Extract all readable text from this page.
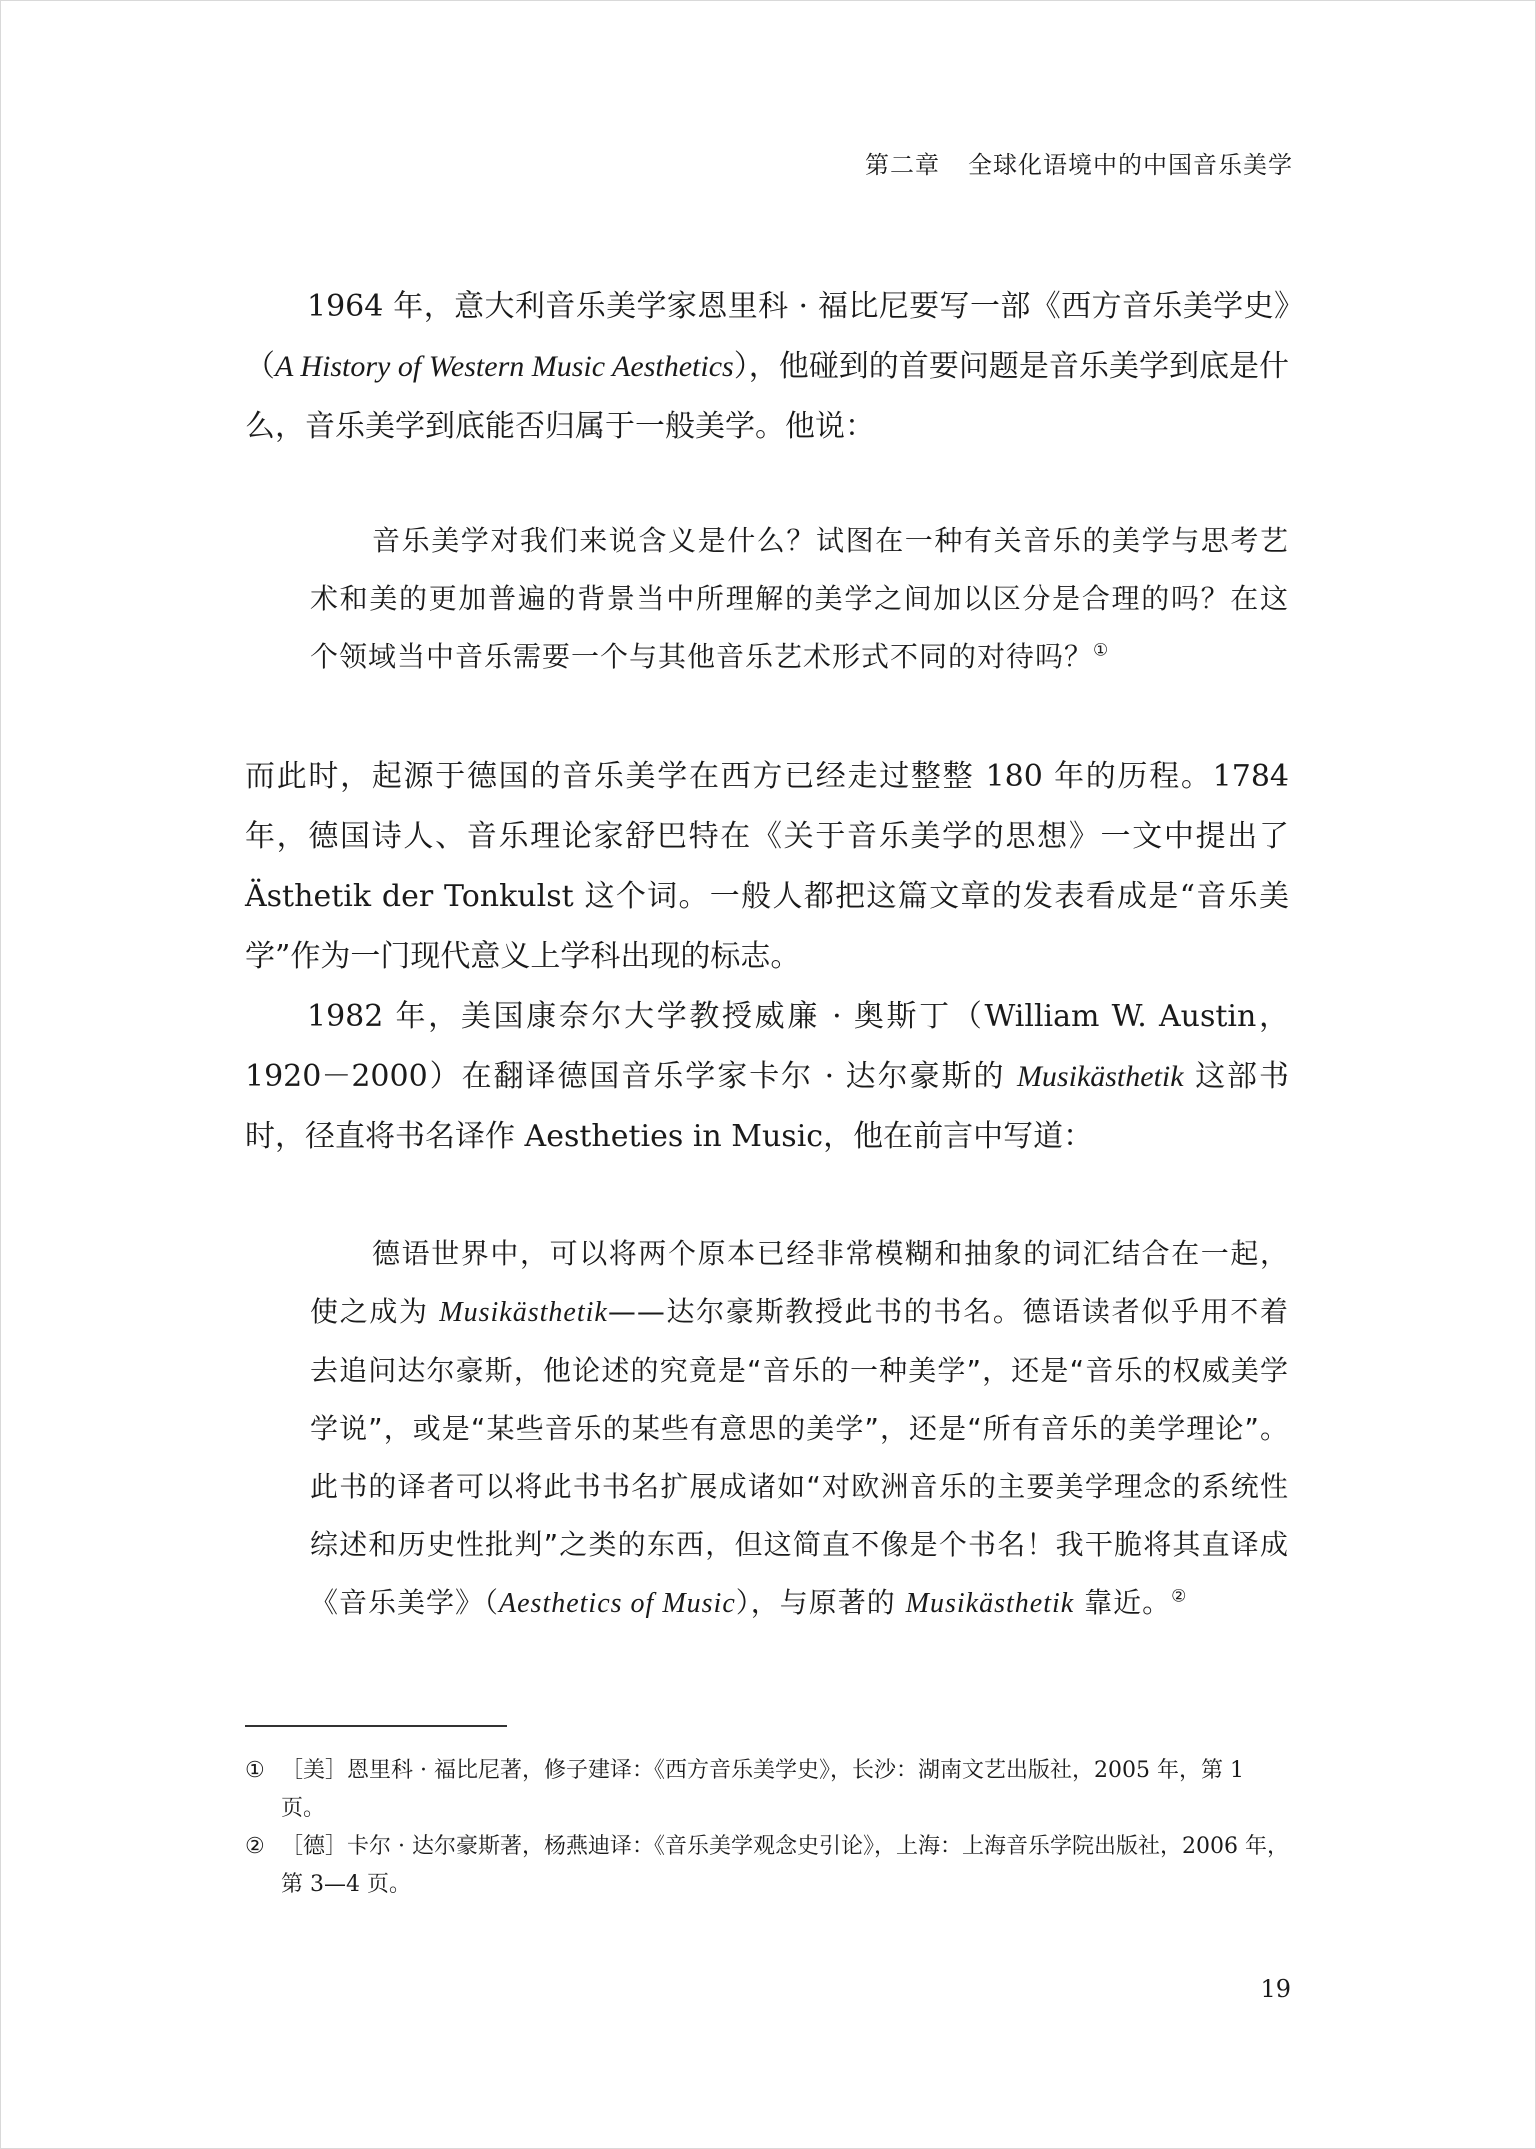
第二章 全球化语境中的中国音乐美学

1964 年，意大利音乐美学家恩里科 · 福比尼要写一部《西方音乐美学史》（A History of Western Music Aesthetics），他碰到的首要问题是音乐美学到底是什么，音乐美学到底能否归属于一般美学。他说：

音乐美学对我们来说含义是什么？试图在一种有关音乐的美学与思考艺术和美的更加普遍的背景当中所理解的美学之间加以区分是合理的吗？在这个领域当中音乐需要一个与其他音乐艺术形式不同的对待吗？①

而此时，起源于德国的音乐美学在西方已经走过整整 180 年的历程。1784 年，德国诗人、音乐理论家舒巴特在《关于音乐美学的思想》一文中提出了 Ästhetik der Tonkulst 这个词。一般人都把这篇文章的发表看成是“音乐美学”作为一门现代意义上学科出现的标志。

1982 年，美国康奈尔大学教授威廉 · 奥斯丁（William W. Austin，1920－2000）在翻译德国音乐学家卡尔 · 达尔豪斯的 Musikästhetik 这部书时，径直将书名译作 Aestheties in Music，他在前言中写道：

德语世界中，可以将两个原本已经非常模糊和抽象的词汇结合在一起，使之成为 Musikästhetik——达尔豪斯教授此书的书名。德语读者似乎用不着去追问达尔豪斯，他论述的究竟是“音乐的一种美学”，还是“音乐的权威美学学说”，或是“某些音乐的某些有意思的美学”，还是“所有音乐的美学理论”。此书的译者可以将此书书名扩展成诸如“对欧洲音乐的主要美学理念的系统性综述和历史性批判”之类的东西，但这简直不像是个书名！我干脆将其直译成《音乐美学》（Aesthetics of Music），与原著的 Musikästhetik 靠近。②

① ［美］恩里科 · 福比尼著，修子建译：《西方音乐美学史》，长沙：湖南文艺出版社，2005 年，第 1 页。
② ［德］卡尔 · 达尔豪斯著，杨燕迪译：《音乐美学观念史引论》，上海：上海音乐学院出版社，2006 年，第 3—4 页。
19
